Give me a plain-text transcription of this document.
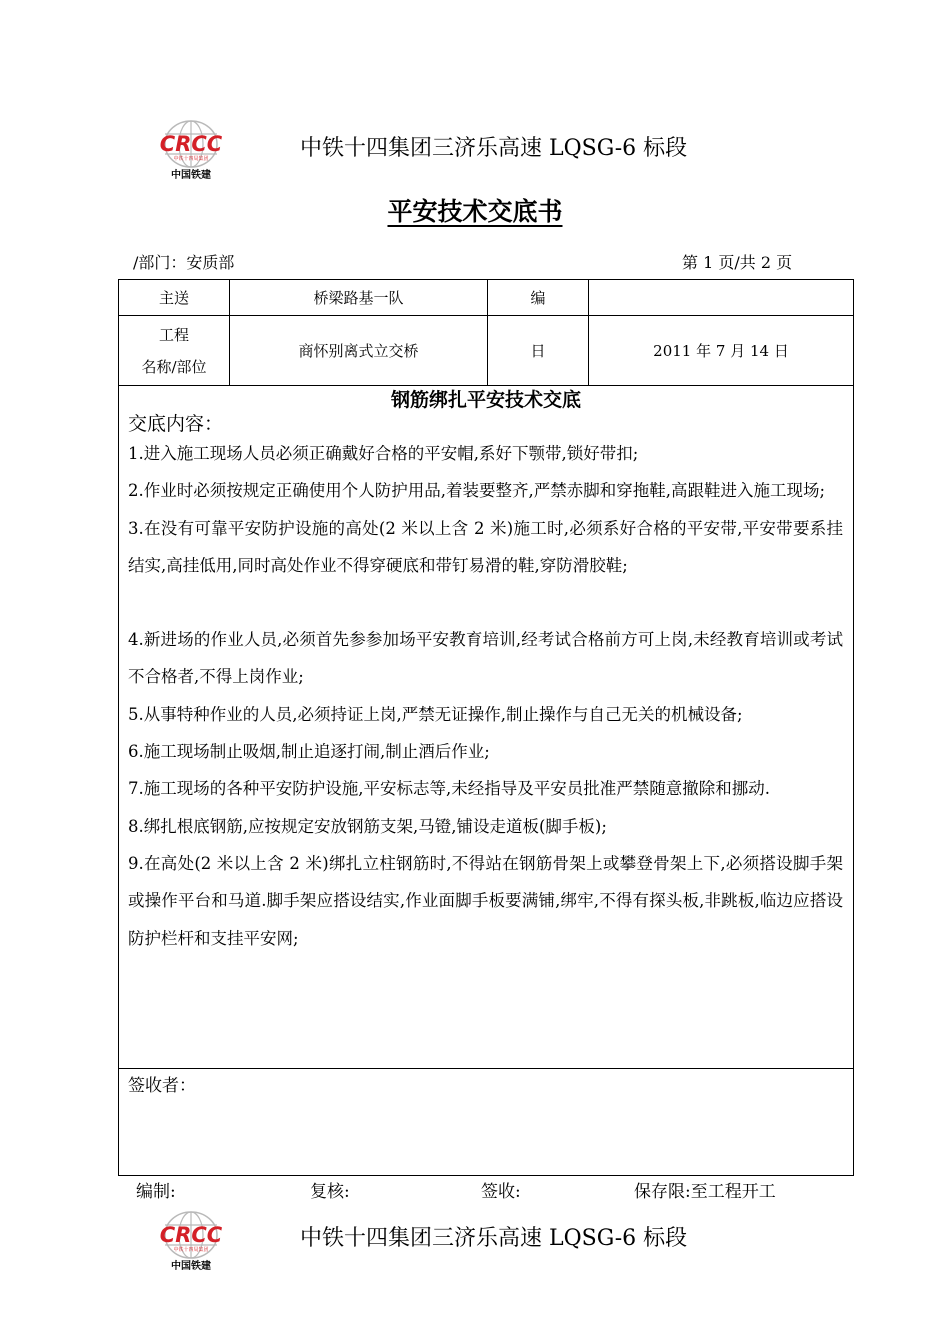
CRCC
中铁十四局集团
中国铁建
中铁十四集团三济乐高速 LQSG-6 标段
平安技术交底书
/部门：安质部	第 1 页/共 2 页
主送	桥梁路基一队	编	
工程
名称/部位	商怀别离式立交桥	日	2011 年 7 月 14 日
钢筋绑扎平安技术交底
交底内容：
1.进入施工现场人员必须正确戴好合格的平安帽,系好下颚带,锁好带扣;
2.作业时必须按规定正确使用个人防护用品,着装要整齐,严禁赤脚和穿拖鞋,高跟鞋进入施工现场;
3.在没有可靠平安防护设施的高处(2 米以上含 2 米)施工时,必须系好合格的平安带,平安带要系挂结实,高挂低用,同时高处作业不得穿硬底和带钉易滑的鞋,穿防滑胶鞋;
4.新进场的作业人员,必须首先参参加场平安教育培训,经考试合格前方可上岗,未经教育培训或考试不合格者,不得上岗作业;
5.从事特种作业的人员,必须持证上岗,严禁无证操作,制止操作与自己无关的机械设备;
6.施工现场制止吸烟,制止追逐打闹,制止酒后作业;
7.施工现场的各种平安防护设施,平安标志等,未经指导及平安员批准严禁随意撤除和挪动.
8.绑扎根底钢筋,应按规定安放钢筋支架,马镫,铺设走道板(脚手板);
9.在高处(2 米以上含 2 米)绑扎立柱钢筋时,不得站在钢筋骨架上或攀登骨架上下,必须搭设脚手架或操作平台和马道.脚手架应搭设结实,作业面脚手板要满铺,绑牢,不得有探头板,非跳板,临边应搭设防护栏杆和支挂平安网;
签收者：
编制:	复核:	签收:	保存限:至工程开工
CRCC
中铁十四局集团
中国铁建
中铁十四集团三济乐高速 LQSG-6 标段
